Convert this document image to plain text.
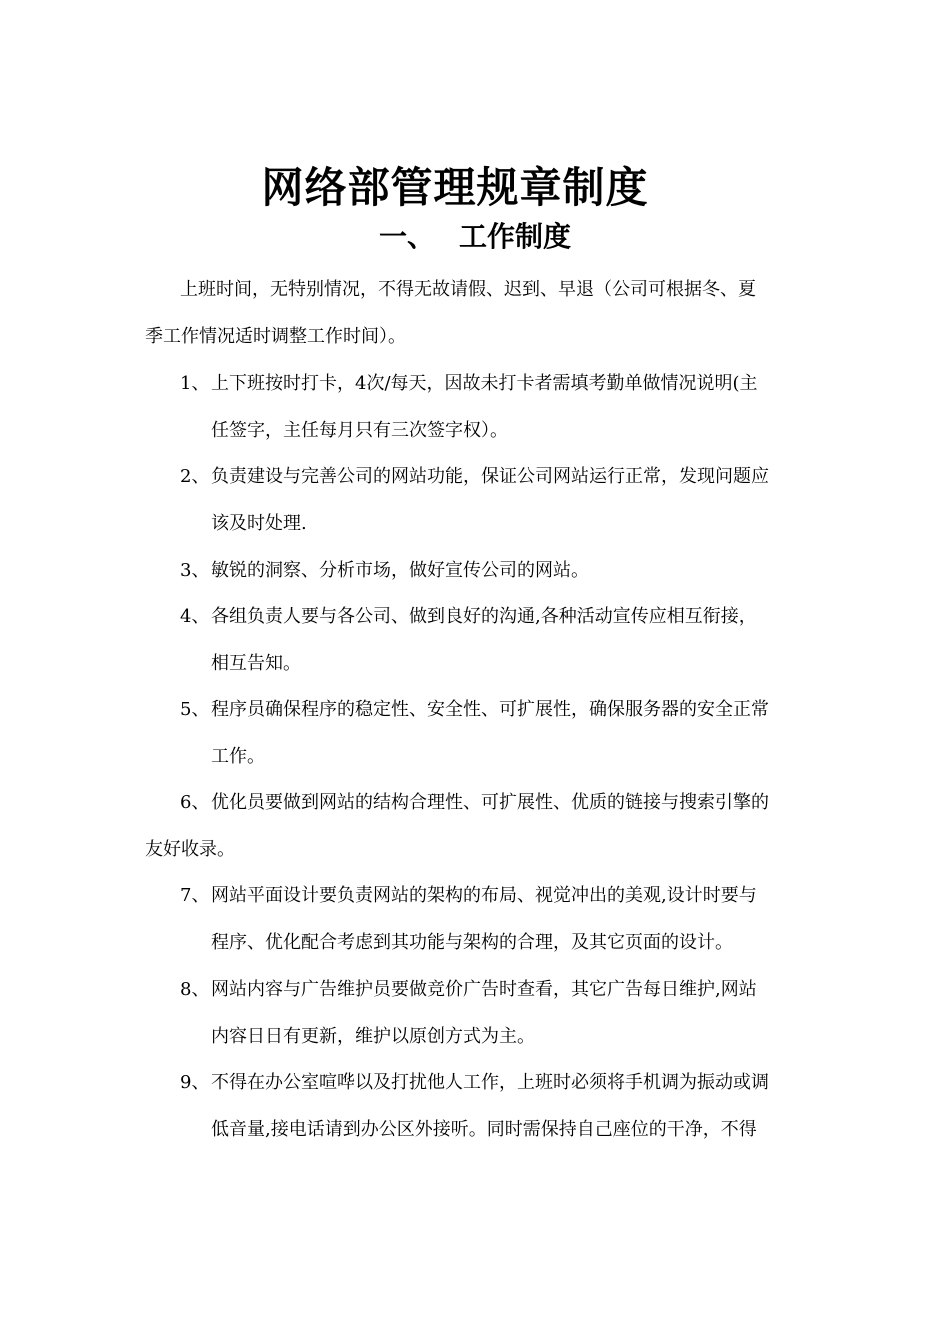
网络部管理规章制度
一、 工作制度
上班时间，无特别情况，不得无故请假、迟到、早退（公司可根据冬、夏
季工作情况适时调整工作时间）。
1、 上下班按时打卡，4次/每天，因故未打卡者需填考勤单做情况说明(主
任签字，主任每月只有三次签字权）。
2、 负责建设与完善公司的网站功能，保证公司网站运行正常，发现问题应
该及时处理.
3、 敏锐的洞察、分析市场，做好宣传公司的网站。
4、 各组负责人要与各公司、做到良好的沟通,各种活动宣传应相互衔接，
相互告知。
5、 程序员确保程序的稳定性、安全性、可扩展性，确保服务器的安全正常
工作。
6、 优化员要做到网站的结构合理性、可扩展性、优质的链接与搜索引擎的
友好收录。
7、 网站平面设计要负责网站的架构的布局、视觉冲出的美观,设计时要与
程序、优化配合考虑到其功能与架构的合理，及其它页面的设计。
8、 网站内容与广告维护员要做竞价广告时查看，其它广告每日维护,网站
内容日日有更新，维护以原创方式为主。
9、 不得在办公室喧哗以及打扰他人工作，上班时必须将手机调为振动或调
低音量,接电话请到办公区外接听。同时需保持自己座位的干净，不得
